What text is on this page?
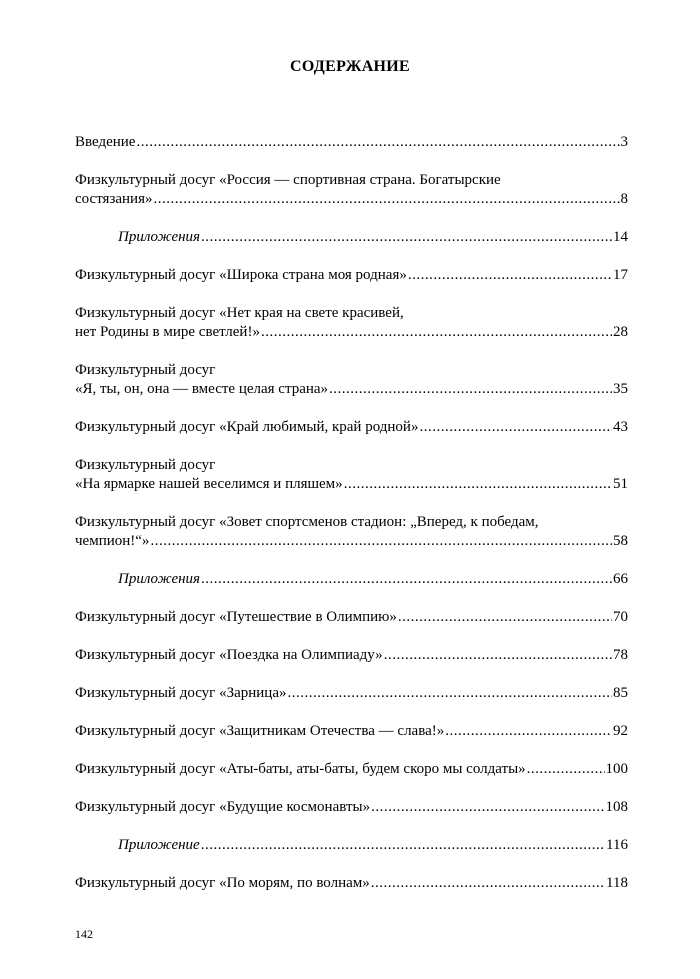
СОДЕРЖАНИЕ
Введение .....	3
Физкультурный досуг «Россия — спортивная страна. Богатырские
состязания» .....	8
Приложения .....	14
Физкультурный досуг «Широка страна моя родная» .....	17
Физкультурный досуг «Нет края на свете красивей,
нет Родины в мире светлей!» .....	28
Физкультурный досуг
«Я, ты, он, она — вместе целая страна» .....	35
Физкультурный досуг «Край любимый, край родной» .....	43
Физкультурный досуг
«На ярмарке нашей веселимся и пляшем» .....	51
Физкультурный досуг «Зовет спортсменов стадион: „Вперед, к победам,
чемпион!“» .....	58
Приложения .....	66
Физкультурный досуг «Путешествие в Олимпию» .....	70
Физкультурный досуг «Поездка на Олимпиаду» .....	78
Физкультурный досуг «Зарница» .....	85
Физкультурный досуг «Защитникам Отечества — слава!» .....	92
Физкультурный досуг «Аты-баты, аты-баты, будем скоро мы солдаты» .....	100
Физкультурный досуг «Будущие космонавты» .....	108
Приложение .....	116
Физкультурный досуг «По морям, по волнам» .....	118
142
